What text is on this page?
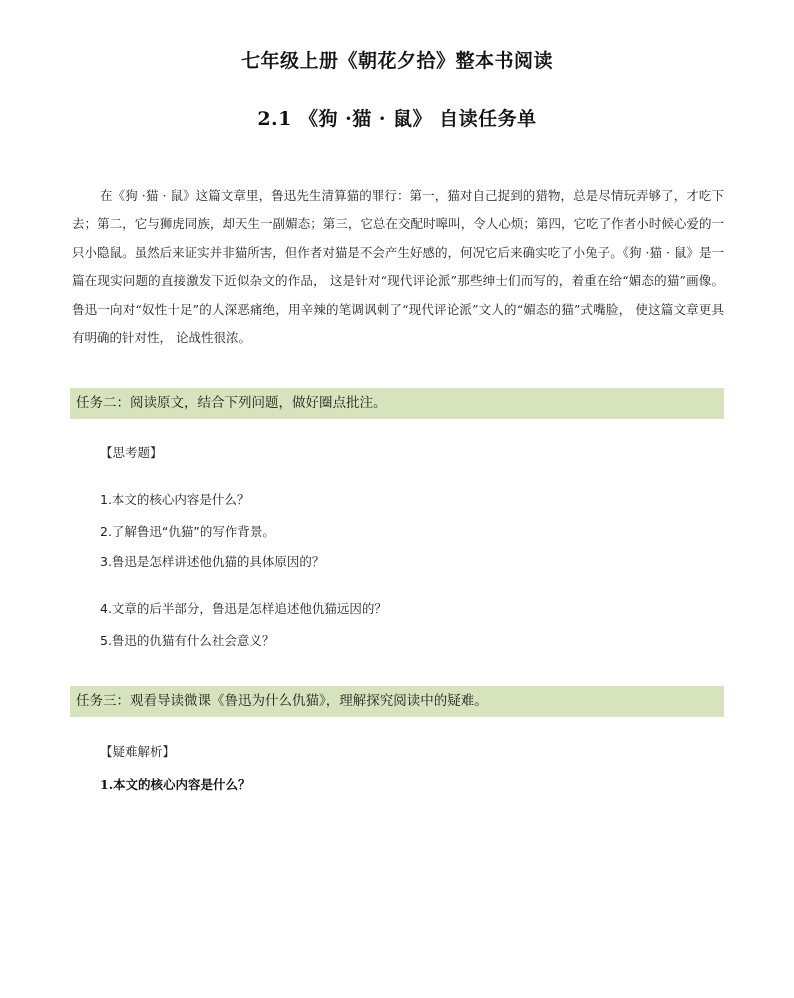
七年级上册《朝花夕拾》整本书阅读
2.1 《狗 ·猫 · 鼠》 自读任务单

在《狗 ·猫 · 鼠》这篇文章里，鲁迅先生清算猫的罪行：第一，猫对自己捉到的猎物，总是尽情玩弄够了，才吃下去；第二，它与狮虎同族，却天生一副媚态；第三，它总在交配时嗥叫，令人心烦；第四，它吃了作者小时候心爱的一只小隐鼠。虽然后来证实并非猫所害，但作者对猫是不会产生好感的，何况它后来确实吃了小兔子。《狗 ·猫 · 鼠》是一篇在现实问题的直接激发下近似杂文的作品， 这是针对“现代评论派”那些绅士们而写的，着重在给“媚态的猫”画像。鲁迅一向对“奴性十足”的人深恶痛绝，用辛辣的笔调讽刺了“现代评论派”文人的“媚态的猫”式嘴脸， 使这篇文章更具有明确的针对性， 论战性很浓。

任务二：阅读原文，结合下列问题，做好圈点批注。
【思考题】
1.本文的核心内容是什么？
2.了解鲁迅“仇猫”的写作背景。
3.鲁迅是怎样讲述他仇猫的具体原因的？
4.文章的后半部分，鲁迅是怎样追述他仇猫远因的？
5.鲁迅的仇猫有什么社会意义？
任务三：观看导读微课《鲁迅为什么仇猫》，理解探究阅读中的疑难。
【疑难解析】
1.本文的核心内容是什么？
